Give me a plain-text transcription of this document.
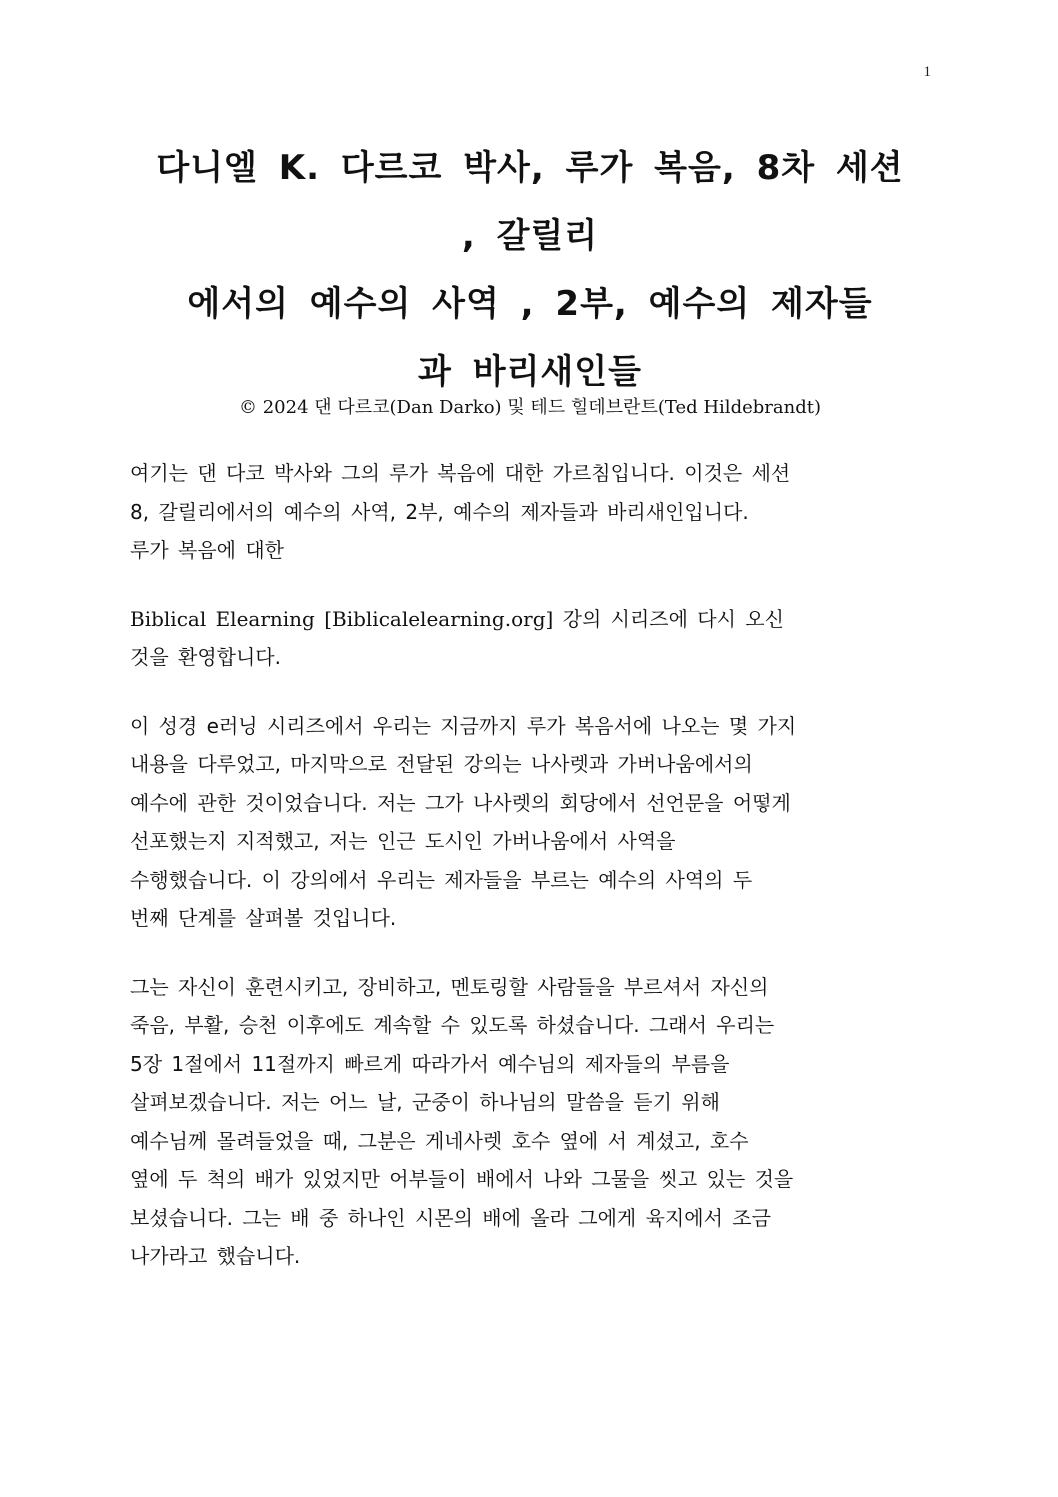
1
다니엘 K. 다르코 박사, 루가 복음, 8차 세션
, 갈릴리
에서의 예수의 사역 , 2부, 예수의 제자들
과 바리새인들
© 2024 댄 다르코(Dan Darko) 및 테드 힐데브란트(Ted Hildebrandt)
여기는 댄 다코 박사와 그의 루가 복음에 대한 가르침입니다. 이것은 세션
8, 갈릴리에서의 예수의 사역, 2부, 예수의 제자들과 바리새인입니다.
루가 복음에 대한
Biblical Elearning [Biblicalelearning.org] 강의 시리즈에 다시 오신
것을 환영합니다.
이 성경 e러닝 시리즈에서 우리는 지금까지 루가 복음서에 나오는 몇 가지
내용을 다루었고, 마지막으로 전달된 강의는 나사렛과 가버나움에서의
예수에 관한 것이었습니다. 저는 그가 나사렛의 회당에서 선언문을 어떻게
선포했는지 지적했고, 저는 인근 도시인 가버나움에서 사역을
수행했습니다. 이 강의에서 우리는 제자들을 부르는 예수의 사역의 두
번째 단계를 살펴볼 것입니다.
그는 자신이 훈련시키고, 장비하고, 멘토링할 사람들을 부르셔서 자신의
죽음, 부활, 승천 이후에도 계속할 수 있도록 하셨습니다. 그래서 우리는
5장 1절에서 11절까지 빠르게 따라가서 예수님의 제자들의 부름을
살펴보겠습니다. 저는 어느 날, 군중이 하나님의 말씀을 듣기 위해
예수님께 몰려들었을 때, 그분은 게네사렛 호수 옆에 서 계셨고, 호수
옆에 두 척의 배가 있었지만 어부들이 배에서 나와 그물을 씻고 있는 것을
보셨습니다. 그는 배 중 하나인 시몬의 배에 올라 그에게 육지에서 조금
나가라고 했습니다.
